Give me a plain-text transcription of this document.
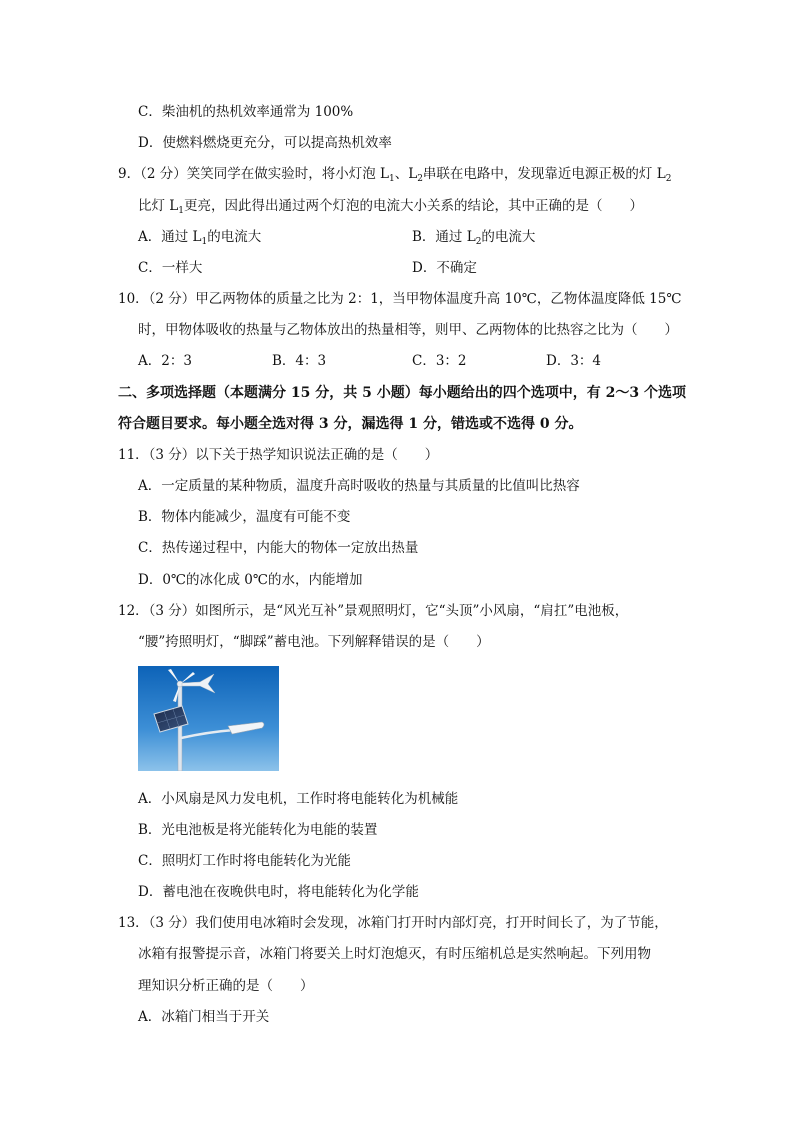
C．柴油机的热机效率通常为 100%
D．使燃料燃烧更充分，可以提高热机效率
9．（2 分）笑笑同学在做实验时，将小灯泡 $L_1$、$L_2$串联在电路中，发现靠近电源正极的灯 $L_2$
比灯 $L_1$更亮，因此得出通过两个灯泡的电流大小关系的结论，其中正确的是（　　）
A．通过 $L_1$的电流大	B．通过 $L_2$的电流大
C．一样大	D．不确定
10．（2 分）甲乙两物体的质量之比为 2：1，当甲物体温度升高 10℃，乙物体温度降低 15℃
时，甲物体吸收的热量与乙物体放出的热量相等，则甲、乙两物体的比热容之比为（　　）
A．2：3	B．4：3	C．3：2	D．3：4
二、多项选择题（本题满分 15 分，共 5 小题）每小题给出的四个选项中，有 2～3 个选项
符合题目要求。每小题全选对得 3 分，漏选得 1 分，错选或不选得 0 分。
11．（3 分）以下关于热学知识说法正确的是（　　）
A．一定质量的某种物质，温度升高时吸收的热量与其质量的比值叫比热容
B．物体内能减少，温度有可能不变
C．热传递过程中，内能大的物体一定放出热量
D．0℃的冰化成 0℃的水，内能增加
12．（3 分）如图所示，是“风光互补”景观照明灯，它“头顶”小风扇，“肩扛”电池板，
“腰”挎照明灯，“脚踩”蓄电池。下列解释错误的是（　　）
A．小风扇是风力发电机，工作时将电能转化为机械能
B．光电池板是将光能转化为电能的装置
C．照明灯工作时将电能转化为光能
D．蓄电池在夜晚供电时，将电能转化为化学能
13．（3 分）我们使用电冰箱时会发现，冰箱门打开时内部灯亮，打开时间长了，为了节能，
冰箱有报警提示音，冰箱门将要关上时灯泡熄灭，有时压缩机总是实然响起。下列用物
理知识分析正确的是（　　）
A．冰箱门相当于开关
